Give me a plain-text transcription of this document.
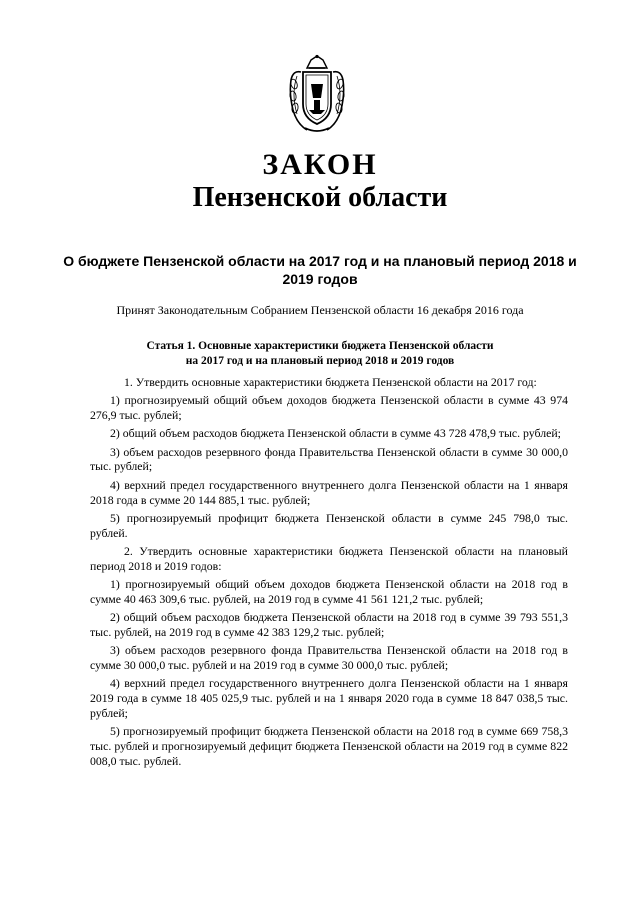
ЗАКОН
Пензенской области
О бюджете Пензенской области на 2017 год и на плановый период 2018 и 2019 годов
Принят Законодательным Собранием Пензенской области 16 декабря 2016 года
Статья 1. Основные характеристики бюджета Пензенской области
на 2017 год и на плановый период 2018 и 2019 годов

1. Утвердить основные характеристики бюджета Пензенской области на 2017 год:

1) прогнозируемый общий объем доходов бюджета Пензенской области в сумме 43 974 276,9 тыс. рублей;

2) общий объем расходов бюджета Пензенской области в сумме 43 728 478,9 тыс. рублей;

3) объем расходов резервного фонда Правительства Пензенской области в сумме 30 000,0 тыс. рублей;

4) верхний предел государственного внутреннего долга Пензенской области на 1 января 2018 года в сумме 20 144 885,1 тыс. рублей;

5) прогнозируемый профицит бюджета Пензенской области в сумме 245 798,0 тыс. рублей.

2. Утвердить основные характеристики бюджета Пензенской области на плановый период 2018 и 2019 годов:

1) прогнозируемый общий объем доходов бюджета Пензенской области на 2018 год в сумме 40 463 309,6 тыс. рублей, на 2019 год в сумме 41 561 121,2 тыс. рублей;

2) общий объем расходов бюджета Пензенской области на 2018 год в сумме 39 793 551,3 тыс. рублей, на 2019 год в сумме 42 383 129,2 тыс. рублей;

3) объем расходов резервного фонда Правительства Пензенской области на 2018 год в сумме 30 000,0 тыс. рублей и на 2019 год в сумме 30 000,0 тыс. рублей;

4) верхний предел государственного внутреннего долга Пензенской области на 1 января 2019 года в сумме 18 405 025,9 тыс. рублей и на 1 января 2020 года в сумме 18 847 038,5 тыс. рублей;

5) прогнозируемый профицит бюджета Пензенской области на 2018 год в сумме 669 758,3 тыс. рублей и прогнозируемый дефицит бюджета Пензенской области на 2019 год в сумме 822 008,0 тыс. рублей.
